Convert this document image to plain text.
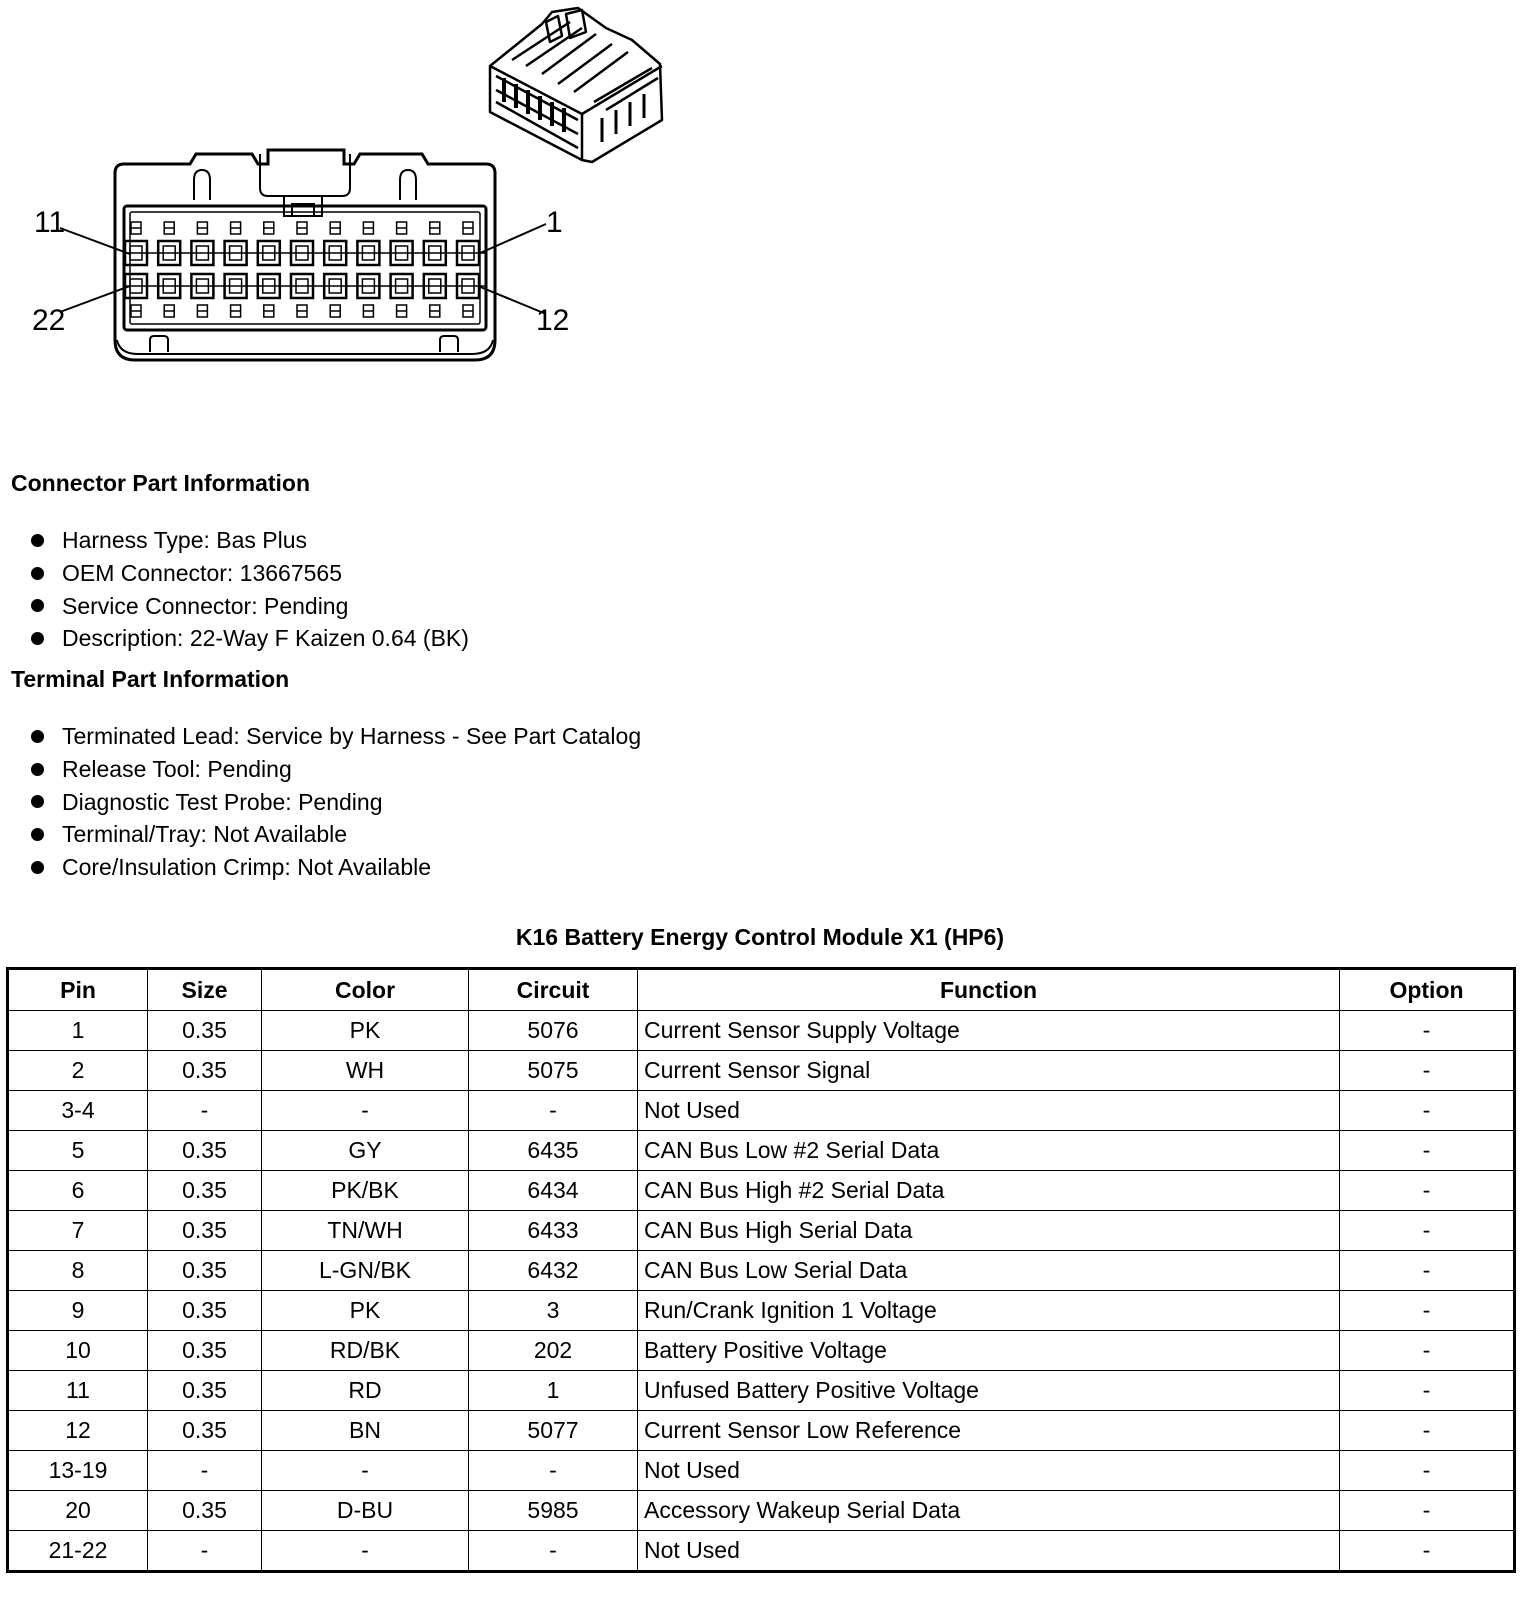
11	1
22	12
Connector Part Information
Harness Type: Bas Plus
OEM Connector: 13667565
Service Connector: Pending
Description: 22-Way F Kaizen 0.64 (BK)
Terminal Part Information
Terminated Lead: Service by Harness - See Part Catalog
Release Tool: Pending
Diagnostic Test Probe: Pending
Terminal/Tray: Not Available
Core/Insulation Crimp: Not Available
K16 Battery Energy Control Module X1 (HP6)
Pin	Size	Color	Circuit	Function	Option
1	0.35	PK	5076	Current Sensor Supply Voltage	-
2	0.35	WH	5075	Current Sensor Signal	-
3-4	-	-	-	Not Used	-
5	0.35	GY	6435	CAN Bus Low #2 Serial Data	-
6	0.35	PK/BK	6434	CAN Bus High #2 Serial Data	-
7	0.35	TN/WH	6433	CAN Bus High Serial Data	-
8	0.35	L-GN/BK	6432	CAN Bus Low Serial Data	-
9	0.35	PK	3	Run/Crank Ignition 1 Voltage	-
10	0.35	RD/BK	202	Battery Positive Voltage	-
11	0.35	RD	1	Unfused Battery Positive Voltage	-
12	0.35	BN	5077	Current Sensor Low Reference	-
13-19	-	-	-	Not Used	-
20	0.35	D-BU	5985	Accessory Wakeup Serial Data	-
21-22	-	-	-	Not Used	-
